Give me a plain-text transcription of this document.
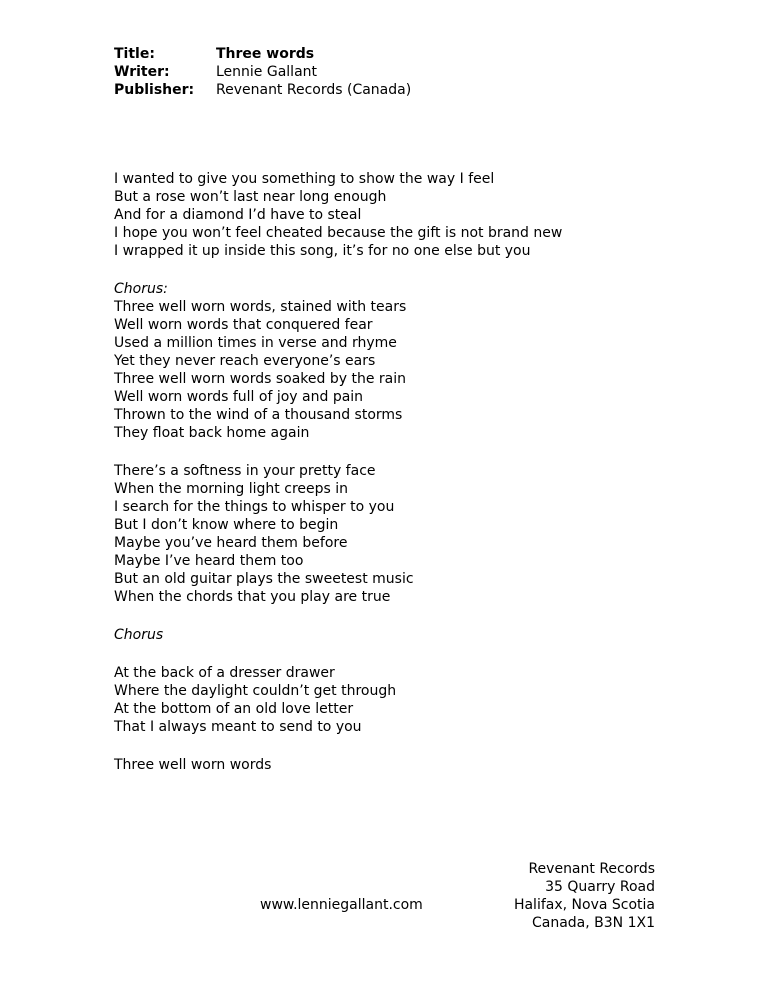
Title:	Three words
Writer:	Lennie Gallant
Publisher:	Revenant Records (Canada)
I wanted to give you something to show the way I feel
But a rose won’t last near long enough
And for a diamond I’d have to steal
I hope you won’t feel cheated because the gift is not brand new
I wrapped it up inside this song, it’s for no one else but you
Chorus:
Three well worn words, stained with tears
Well worn words that conquered fear
Used a million times in verse and rhyme
Yet they never reach everyone’s ears
Three well worn words soaked by the rain
Well worn words full of joy and pain
Thrown to the wind of a thousand storms
They float back home again
There’s a softness in your pretty face
When the morning light creeps in
I search for the things to whisper to you
But I don’t know where to begin
Maybe you’ve heard them before
Maybe I’ve heard them too
But an old guitar plays the sweetest music
When the chords that you play are true
Chorus
At the back of a dresser drawer
Where the daylight couldn’t get through
At the bottom of an old love letter
That I always meant to send to you
Three well worn words
www.lenniegallant.com
Revenant Records
35 Quarry Road
Halifax, Nova Scotia
Canada, B3N 1X1
